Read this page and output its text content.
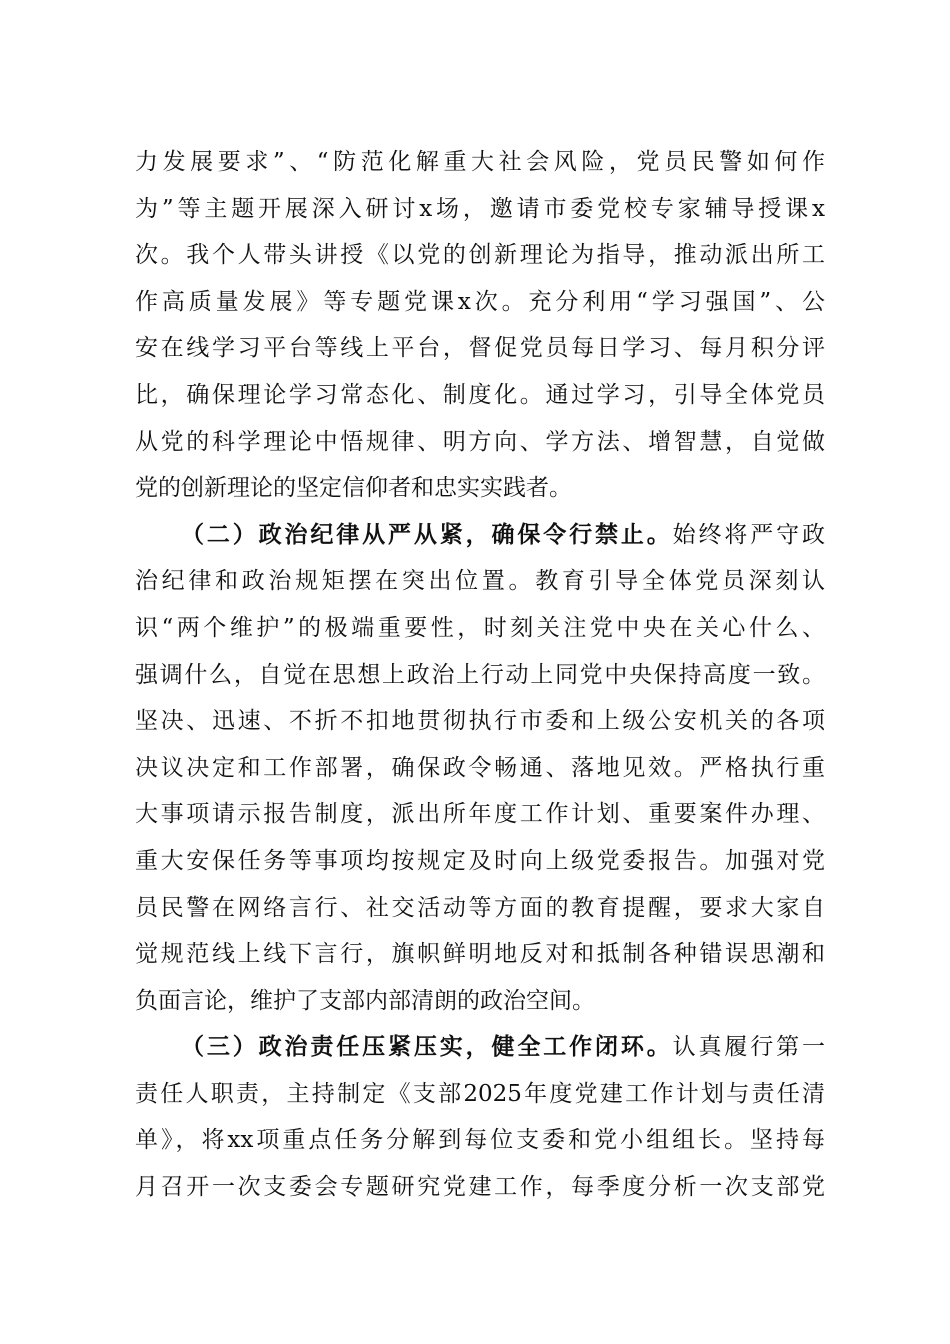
力发展要求”、“防范化解重大社会风险，党员民警如何作
为”等主题开展深入研讨x场，邀请市委党校专家辅导授课x
次。我个人带头讲授《以党的创新理论为指导，推动派出所工
作高质量发展》等专题党课x次。充分利用“学习强国”、公
安在线学习平台等线上平台，督促党员每日学习、每月积分评
比，确保理论学习常态化、制度化。通过学习，引导全体党员
从党的科学理论中悟规律、明方向、学方法、增智慧，自觉做
党的创新理论的坚定信仰者和忠实实践者。
（二）政治纪律从严从紧，确保令行禁止。始终将严守政
治纪律和政治规矩摆在突出位置。教育引导全体党员深刻认
识“两个维护”的极端重要性，时刻关注党中央在关心什么、
强调什么，自觉在思想上政治上行动上同党中央保持高度一致。
坚决、迅速、不折不扣地贯彻执行市委和上级公安机关的各项
决议决定和工作部署，确保政令畅通、落地见效。严格执行重
大事项请示报告制度，派出所年度工作计划、重要案件办理、
重大安保任务等事项均按规定及时向上级党委报告。加强对党
员民警在网络言行、社交活动等方面的教育提醒，要求大家自
觉规范线上线下言行，旗帜鲜明地反对和抵制各种错误思潮和
负面言论，维护了支部内部清朗的政治空间。
（三）政治责任压紧压实，健全工作闭环。认真履行第一
责任人职责，主持制定《支部2025年度党建工作计划与责任清
单》，将xx项重点任务分解到每位支委和党小组组长。坚持每
月召开一次支委会专题研究党建工作，每季度分析一次支部党
